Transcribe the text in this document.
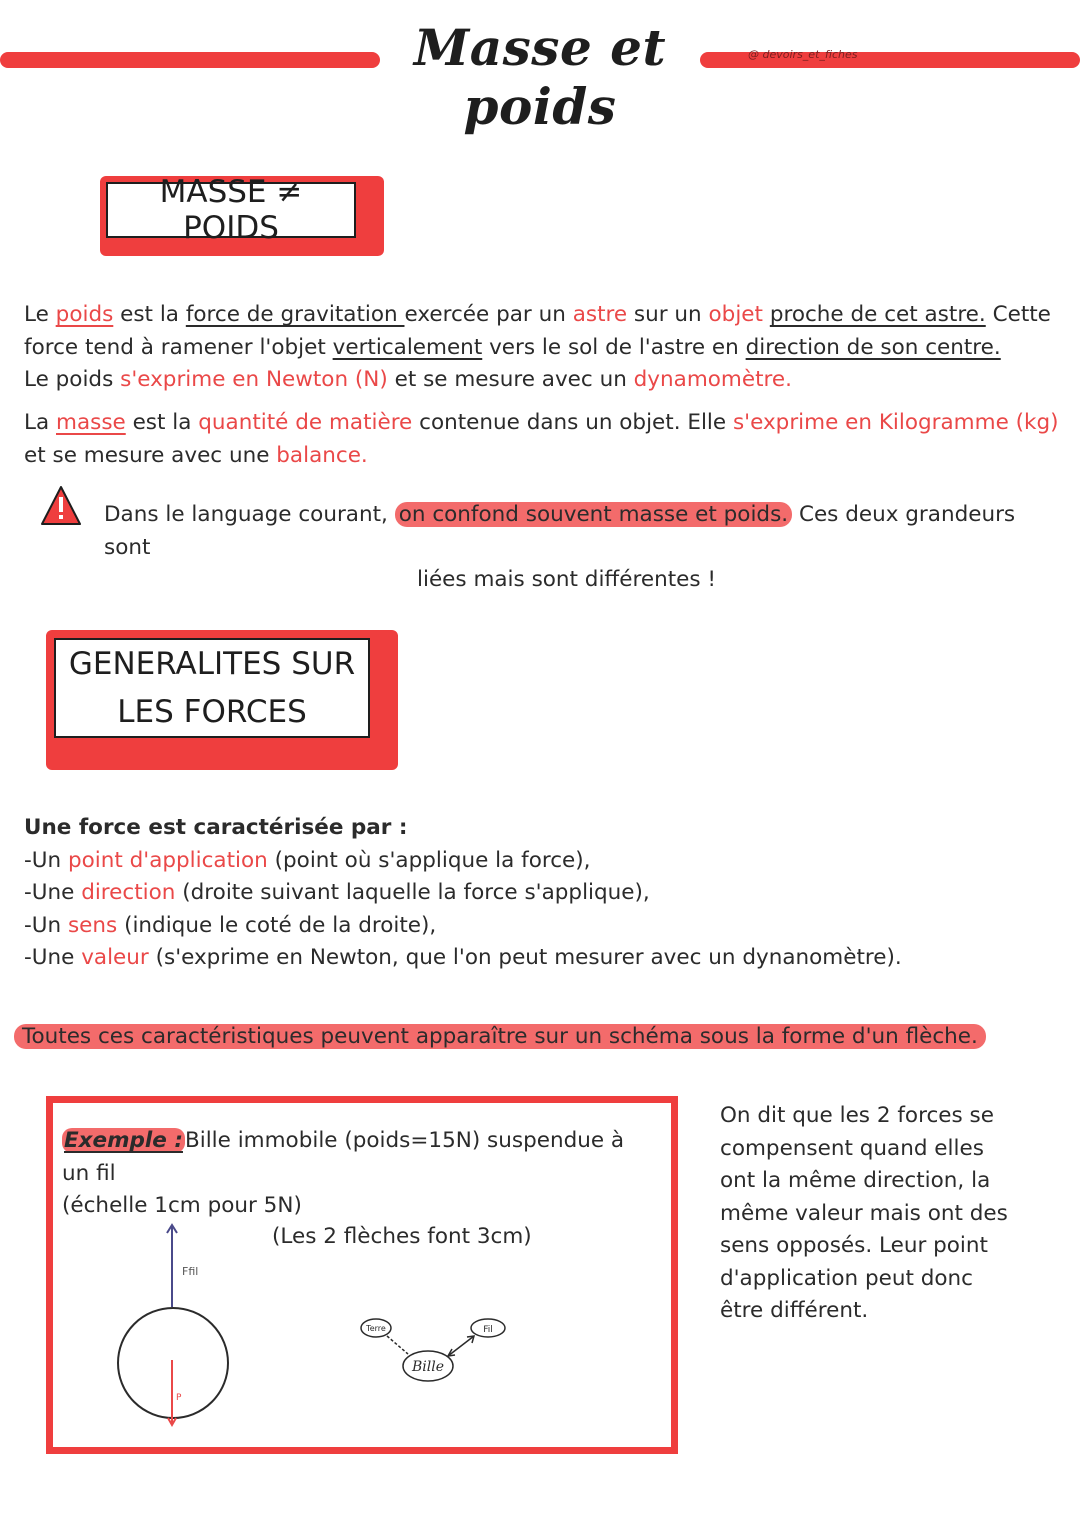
Masse et poids
@ devoirs_et_fiches
MASSE ≠ POIDS
Le poids est la force de gravitation exercée par un astre sur un objet proche de cet astre. Cette
force tend à ramener l'objet verticalement vers le sol de l'astre en direction de son centre.
Le poids s'exprime en Newton (N) et se mesure avec un dynamomètre.
La masse est la quantité de matière contenue dans un objet. Elle s'exprime en Kilogramme (kg)
et se mesure avec une balance.
Dans le language courant, on confond souvent masse et poids. Ces deux grandeurs sont
liées mais sont différentes !
GENERALITES SUR
LES FORCES
Une force est caractérisée par :
-Un point d'application (point où s'applique la force),
-Une direction (droite suivant laquelle la force s'applique),
-Un sens (indique le coté de la droite),
-Une valeur (s'exprime en Newton, que l'on peut mesurer avec un dynanomètre).
Toutes ces caractéristiques peuvent apparaître sur un schéma sous la forme d'un flèche.
Exemple :Bille immobile (poids=15N) suspendue à un fil
(échelle 1cm pour 5N)
(Les 2 flèches font 3cm)
Ffil
P
Terre	Fil
Bille
On dit que les 2 forces se
compensent quand elles
ont la même direction, la
même valeur mais ont des
sens opposés. Leur point
d'application peut donc
être différent.
